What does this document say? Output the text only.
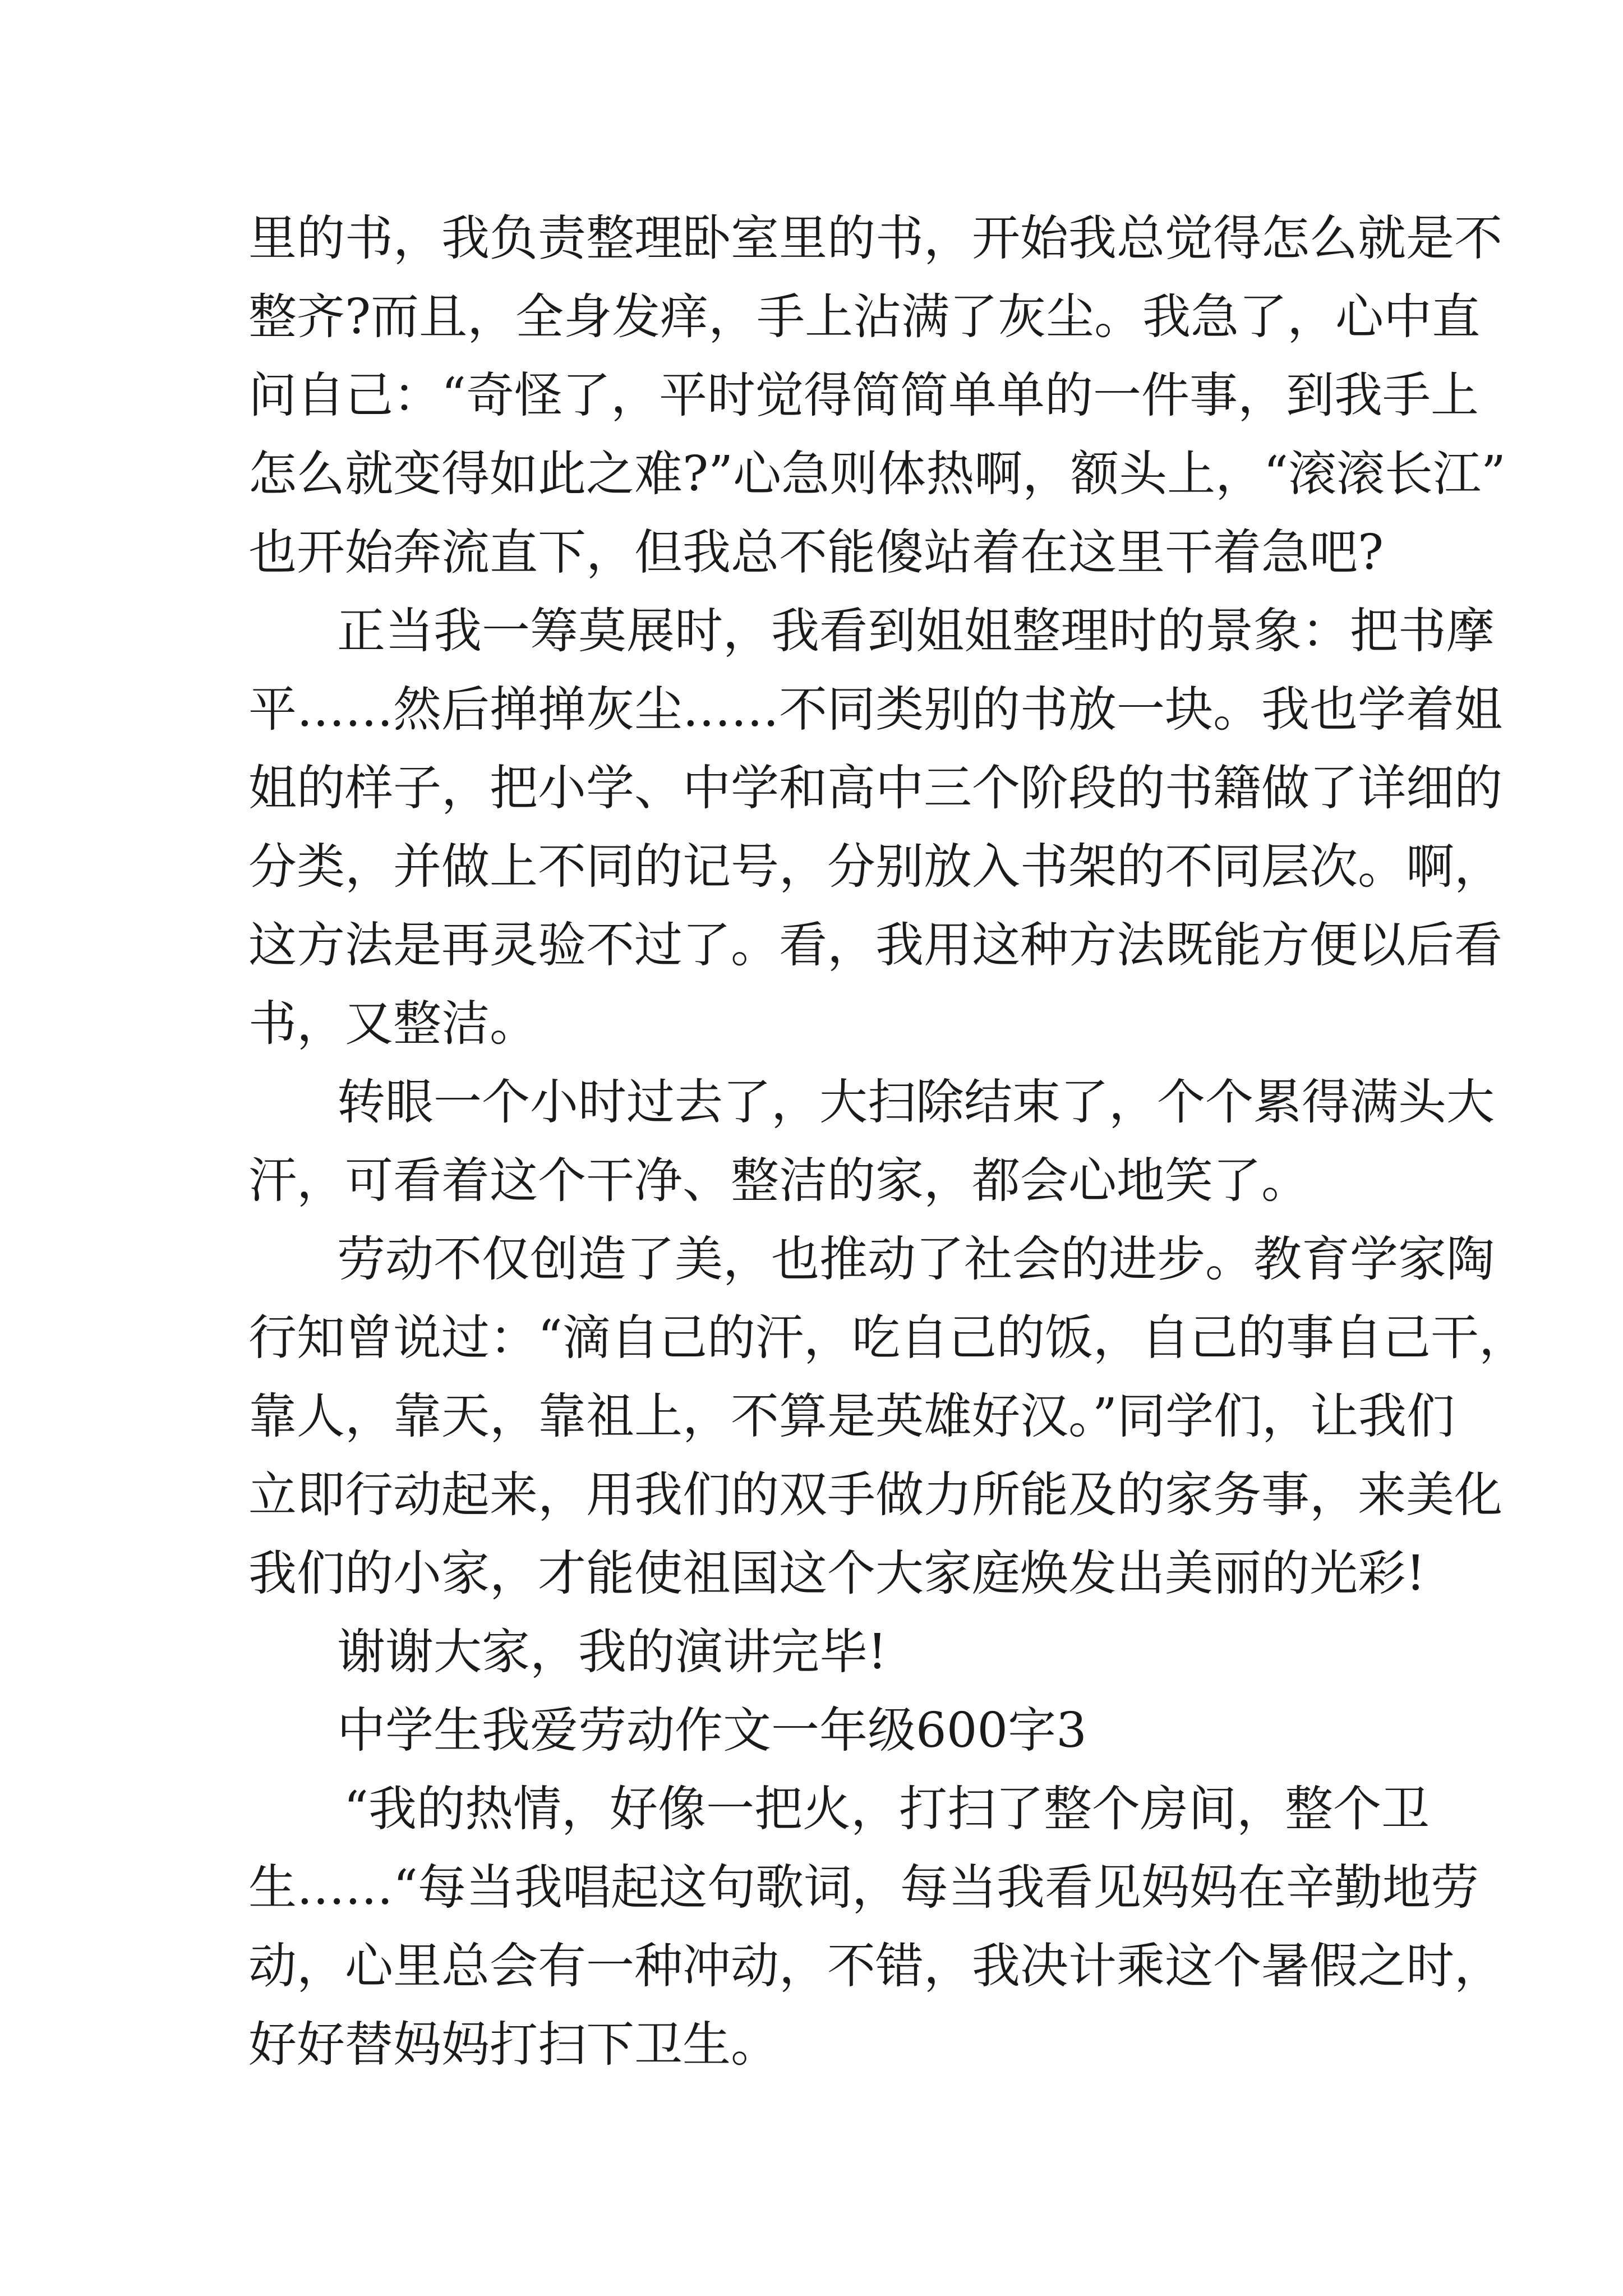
里的书，我负责整理卧室里的书，开始我总觉得怎么就是不
整齐?而且，全身发痒，手上沾满了灰尘。我急了，心中直
问自己：“奇怪了，平时觉得简简单单的一件事，到我手上
怎么就变得如此之难?”心急则体热啊，额头上，“滚滚长江”
也开始奔流直下，但我总不能傻站着在这里干着急吧?
正当我一筹莫展时，我看到姐姐整理时的景象：把书摩
平……然后掸掸灰尘……不同类别的书放一块。我也学着姐
姐的样子，把小学、中学和高中三个阶段的书籍做了详细的
分类，并做上不同的记号，分别放入书架的不同层次。啊，
这方法是再灵验不过了。看，我用这种方法既能方便以后看
书，又整洁。
转眼一个小时过去了，大扫除结束了，个个累得满头大
汗，可看着这个干净、整洁的家，都会心地笑了。
劳动不仅创造了美，也推动了社会的进步。教育学家陶
行知曾说过：“滴自己的汗，吃自己的饭，自己的事自己干，
靠人，靠天，靠祖上，不算是英雄好汉。”同学们，让我们
立即行动起来，用我们的双手做力所能及的家务事，来美化
我们的小家，才能使祖国这个大家庭焕发出美丽的光彩!
谢谢大家，我的演讲完毕!
中学生我爱劳动作文一年级600字3
“我的热情，好像一把火，打扫了整个房间，整个卫
生……“每当我唱起这句歌词，每当我看见妈妈在辛勤地劳
动，心里总会有一种冲动，不错，我决计乘这个暑假之时，
好好替妈妈打扫下卫生。
